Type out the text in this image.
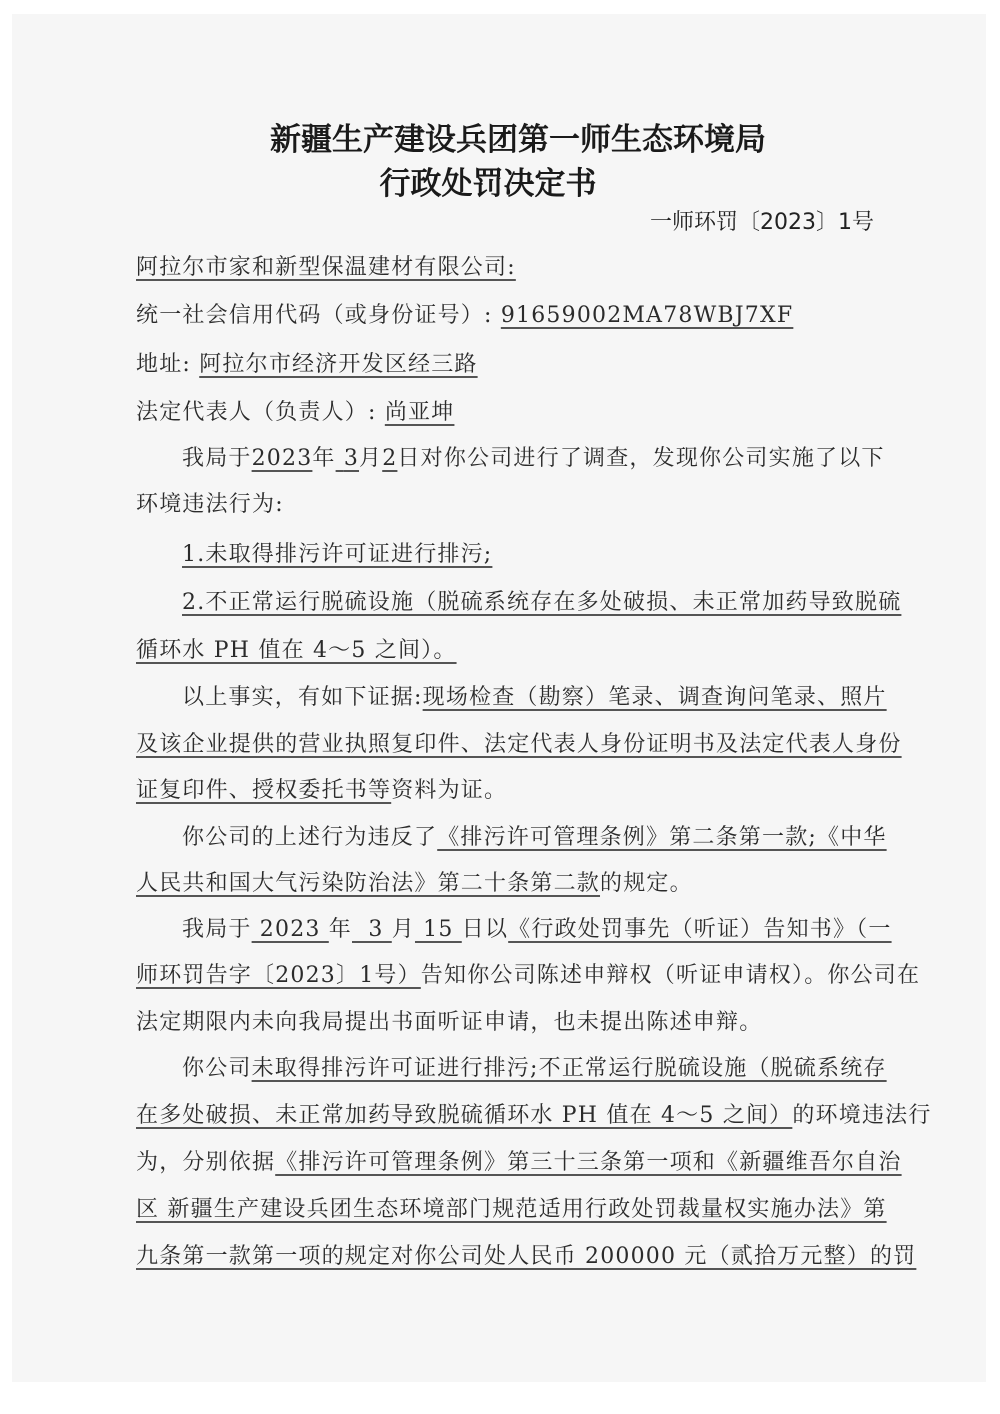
新疆生产建设兵团第一师生态环境局
行政处罚决定书
一师环罚〔2023〕1号
阿拉尔市家和新型保温建材有限公司:
统一社会信用代码（或身份证号）: 91659002MA78WBJ7XF
地址: 阿拉尔市经济开发区经三路
法定代表人（负责人）: 尚亚坤
我局于2023年 3月2日对你公司进行了调查，发现你公司实施了以下
环境违法行为:
1.未取得排污许可证进行排污;
2.不正常运行脱硫设施（脱硫系统存在多处破损、未正常加药导致脱硫
循环水 PH 值在 4～5 之间）。
以上事实，有如下证据:现场检查（勘察）笔录、调查询问笔录、照片
及该企业提供的营业执照复印件、法定代表人身份证明书及法定代表人身份
证复印件、授权委托书等资料为证。
你公司的上述行为违反了《排污许可管理条例》第二条第一款;《中华
人民共和国大气污染防治法》第二十条第二款的规定。
我局于 2023 年  3 月 15 日以《行政处罚事先（听证）告知书》（一
师环罚告字〔2023〕1号）告知你公司陈述申辩权（听证申请权）。你公司在
法定期限内未向我局提出书面听证申请，也未提出陈述申辩。
你公司未取得排污许可证进行排污;不正常运行脱硫设施（脱硫系统存
在多处破损、未正常加药导致脱硫循环水 PH 值在 4～5 之间）的环境违法行
为，分别依据《排污许可管理条例》第三十三条第一项和《新疆维吾尔自治
区 新疆生产建设兵团生态环境部门规范适用行政处罚裁量权实施办法》第
九条第一款第一项的规定对你公司处人民币 200000 元（贰拾万元整）的罚
